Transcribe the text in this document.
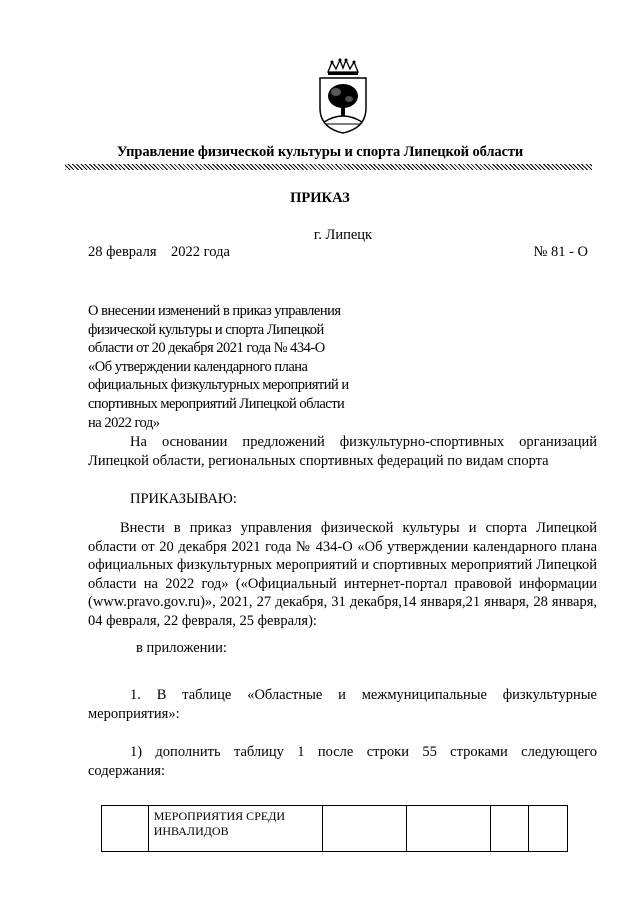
Управление физической культуры и спорта Липецкой области
ПРИКАЗ
г. Липецк
28 февраля    2022 года	№ 81 - О
О внесении изменений в приказ управления
физической культуры и спорта Липецкой
области от 20 декабря 2021 года № 434-О
«Об утверждении календарного плана
официальных физкультурных мероприятий и
спортивных мероприятий Липецкой области
на 2022 год»
На основании предложений физкультурно-спортивных организаций Липецкой области, региональных спортивных федераций по видам спорта
ПРИКАЗЫВАЮ:
Внести в приказ управления физической культуры и спорта Липецкой области от 20 декабря 2021 года № 434-О «Об утверждении календарного плана официальных физкультурных мероприятий и спортивных мероприятий Липецкой области на 2022 год» («Официальный интернет-портал правовой информации (www.pravo.gov.ru)», 2021, 27 декабря, 31 декабря,14 января,21 января, 28 января, 04 февраля, 22 февраля, 25 февраля):
в приложении:
1. В таблице «Областные и межмуниципальные физкультурные мероприятия»:
1) дополнить таблицу 1 после строки 55 строками следующего содержания:
	МЕРОПРИЯТИЯ СРЕДИ ИНВАЛИДОВ				
